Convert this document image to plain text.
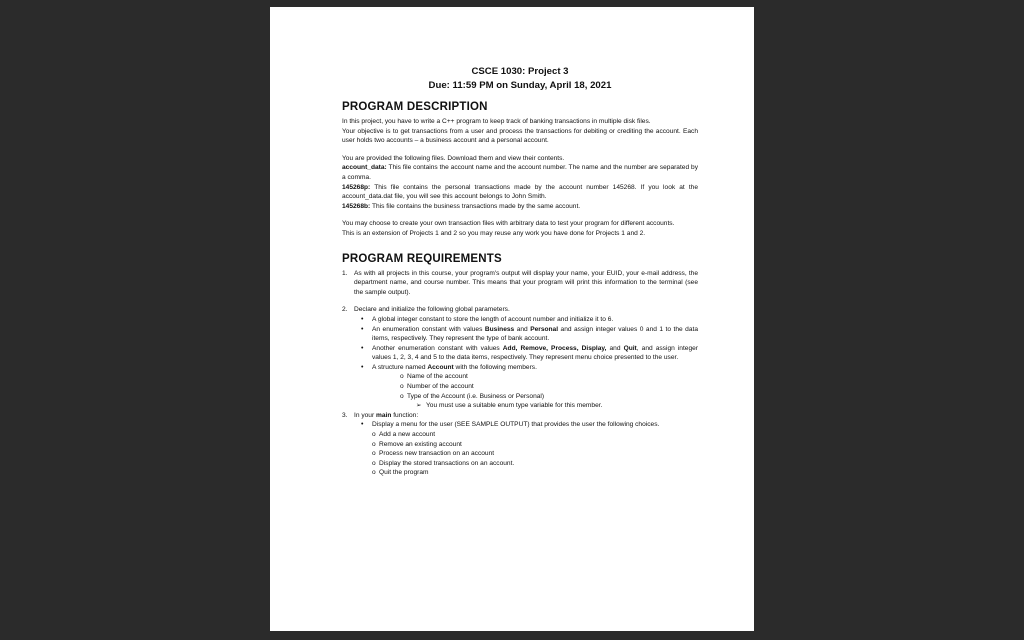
CSCE 1030: Project 3
Due: 11:59 PM on Sunday, April 18, 2021
PROGRAM DESCRIPTION

In this project, you have to write a C++ program to keep track of banking transactions in multiple disk files.

Your objective is to get transactions from a user and process the transactions for debiting or crediting the account. Each user holds two accounts – a business account and a personal account.

You are provided the following files. Download them and view their contents.

account_data: This file contains the account name and the account number. The name and the number are separated by a comma.

145268p: This file contains the personal transactions made by the account number 145268. If you look at the account_data.dat file, you will see this account belongs to John Smith.

145268b: This file contains the business transactions made by the same account.

You may choose to create your own transaction files with arbitrary data to test your program for different accounts.

This is an extension of Projects 1 and 2 so you may reuse any work you have done for Projects 1 and 2.

PROGRAM REQUIREMENTS
1. As with all projects in this course, your program's output will display your name, your EUID, your e-mail address, the department name, and course number. This means that your program will print this information to the terminal (see the sample output).
2. Declare and initialize the following global parameters.
•	A global integer constant to store the length of account number and initialize it to 6.
•	An enumeration constant with values Business and Personal and assign integer values 0 and 1 to the data items, respectively. They represent the type of bank account.
•	Another enumeration constant with values Add, Remove, Process, Display, and Quit, and assign integer values 1, 2, 3, 4 and 5 to the data items, respectively. They represent menu choice presented to the user.
•	A structure named Account with the following members.
o Name of the account
o Number of the account
o Type of the Account (i.e. Business or Personal)
➢ You must use a suitable enum type variable for this member.
3. In your main function:
•	Display a menu for the user (SEE SAMPLE OUTPUT) that provides the user the following choices.
o Add a new account
o Remove an existing account
o Process new transaction on an account
o Display the stored transactions on an account.
o Quit the program
